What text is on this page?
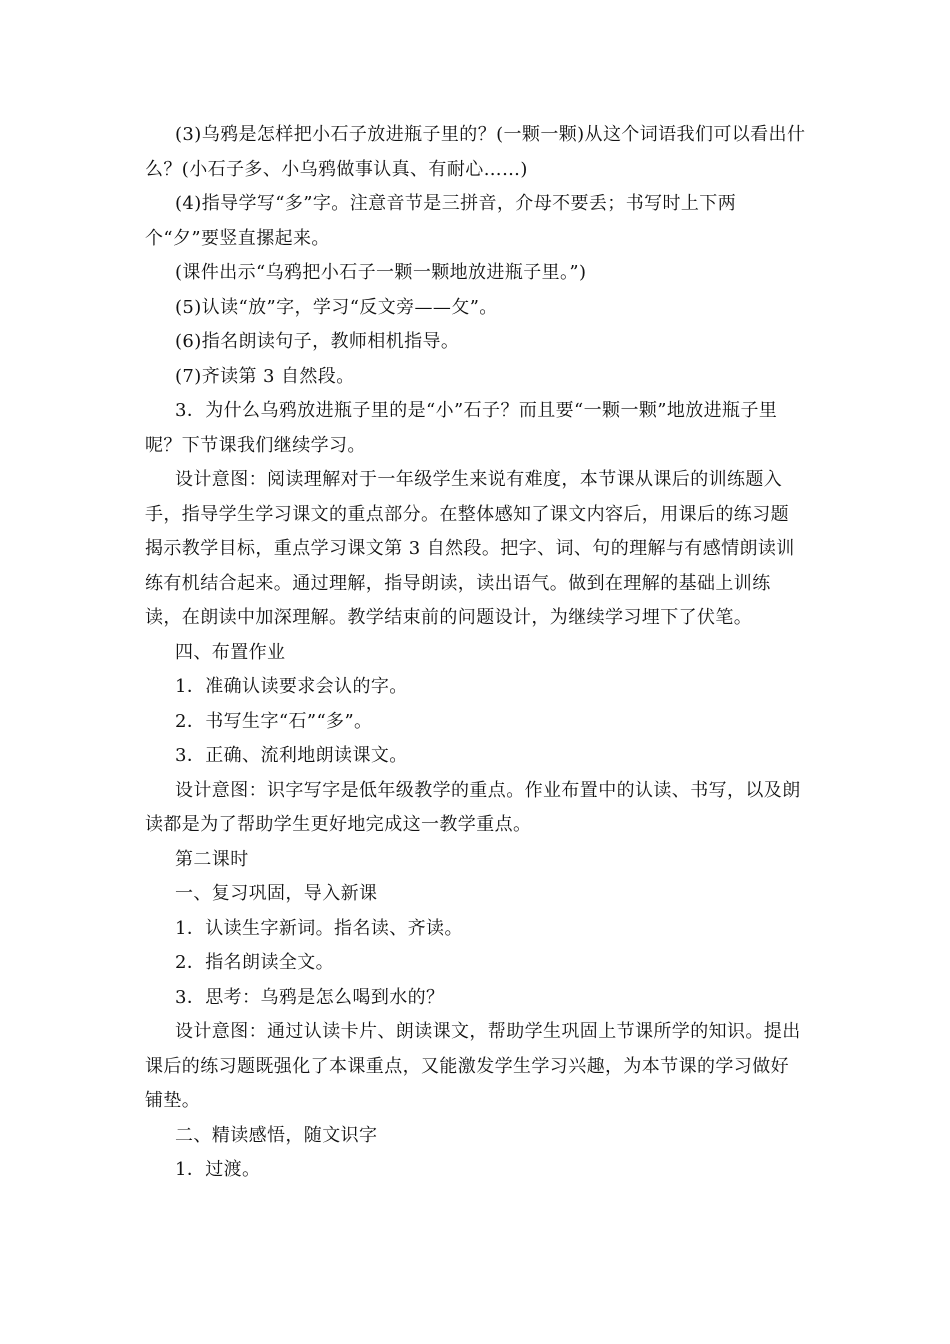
(3)乌鸦是怎样把小石子放进瓶子里的？(一颗一颗)从这个词语我们可以看出什么？(小石子多、小乌鸦做事认真、有耐心……)

(4)指导学写“多”字。注意音节是三拼音，介母不要丢；书写时上下两个“夕”要竖直摞起来。

(课件出示“乌鸦把小石子一颗一颗地放进瓶子里。”)

(5)认读“放”字，学习“反文旁——攵”。

(6)指名朗读句子，教师相机指导。

(7)齐读第 3 自然段。

3．为什么乌鸦放进瓶子里的是“小”石子？而且要“一颗一颗”地放进瓶子里呢？下节课我们继续学习。

设计意图：阅读理解对于一年级学生来说有难度，本节课从课后的训练题入手，指导学生学习课文的重点部分。在整体感知了课文内容后，用课后的练习题揭示教学目标，重点学习课文第 3 自然段。把字、词、句的理解与有感情朗读训练有机结合起来。通过理解，指导朗读，读出语气。做到在理解的基础上训练读，在朗读中加深理解。教学结束前的问题设计，为继续学习埋下了伏笔。

四、布置作业

1．准确认读要求会认的字。

2．书写生字“石”“多”。

3．正确、流利地朗读课文。

设计意图：识字写字是低年级教学的重点。作业布置中的认读、书写，以及朗读都是为了帮助学生更好地完成这一教学重点。

第二课时

一、复习巩固，导入新课

1．认读生字新词。指名读、齐读。

2．指名朗读全文。

3．思考：乌鸦是怎么喝到水的？

设计意图：通过认读卡片、朗读课文，帮助学生巩固上节课所学的知识。提出课后的练习题既强化了本课重点，又能激发学生学习兴趣，为本节课的学习做好铺垫。

二、精读感悟，随文识字

1．过渡。
